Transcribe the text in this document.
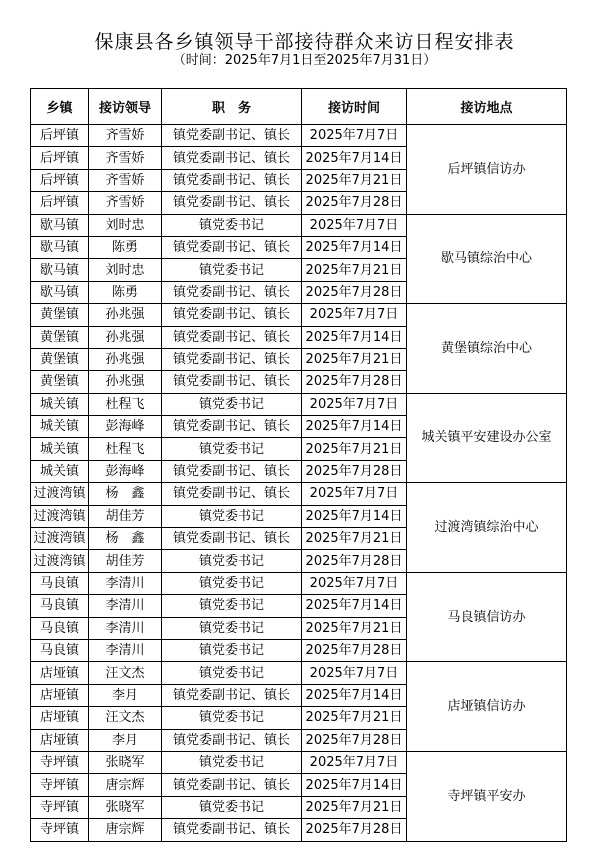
保康县各乡镇领导干部接待群众来访日程安排表
（时间：2025年7月1日至2025年7月31日）
乡镇	接访领导	职　务	接访时间	接访地点
后坪镇	齐雪娇	镇党委副书记、镇长	2025年7月7日	后坪镇信访办
后坪镇	齐雪娇	镇党委副书记、镇长	2025年7月14日	
后坪镇	齐雪娇	镇党委副书记、镇长	2025年7月21日	
后坪镇	齐雪娇	镇党委副书记、镇长	2025年7月28日	
歇马镇	刘时忠	镇党委书记	2025年7月7日	歇马镇综治中心
歇马镇	陈勇	镇党委副书记、镇长	2025年7月14日	
歇马镇	刘时忠	镇党委书记	2025年7月21日	
歇马镇	陈勇	镇党委副书记、镇长	2025年7月28日	
黄堡镇	孙兆强	镇党委副书记、镇长	2025年7月7日	黄堡镇综治中心
黄堡镇	孙兆强	镇党委副书记、镇长	2025年7月14日	
黄堡镇	孙兆强	镇党委副书记、镇长	2025年7月21日	
黄堡镇	孙兆强	镇党委副书记、镇长	2025年7月28日	
城关镇	杜程飞	镇党委书记	2025年7月7日	城关镇平安建设办公室
城关镇	彭海峰	镇党委副书记、镇长	2025年7月14日	
城关镇	杜程飞	镇党委书记	2025年7月21日	
城关镇	彭海峰	镇党委副书记、镇长	2025年7月28日	
过渡湾镇	杨　鑫	镇党委副书记、镇长	2025年7月7日	过渡湾镇综治中心
过渡湾镇	胡佳芳	镇党委书记	2025年7月14日	
过渡湾镇	杨　鑫	镇党委副书记、镇长	2025年7月21日	
过渡湾镇	胡佳芳	镇党委书记	2025年7月28日	
马良镇	李清川	镇党委书记	2025年7月7日	马良镇信访办
马良镇	李清川	镇党委书记	2025年7月14日	
马良镇	李清川	镇党委书记	2025年7月21日	
马良镇	李清川	镇党委书记	2025年7月28日	
店垭镇	汪文杰	镇党委书记	2025年7月7日	店垭镇信访办
店垭镇	李月	镇党委副书记、镇长	2025年7月14日	
店垭镇	汪文杰	镇党委书记	2025年7月21日	
店垭镇	李月	镇党委副书记、镇长	2025年7月28日	
寺坪镇	张晓军	镇党委书记	2025年7月7日	寺坪镇平安办
寺坪镇	唐宗辉	镇党委副书记、镇长	2025年7月14日	
寺坪镇	张晓军	镇党委书记	2025年7月21日	
寺坪镇	唐宗辉	镇党委副书记、镇长	2025年7月28日	
